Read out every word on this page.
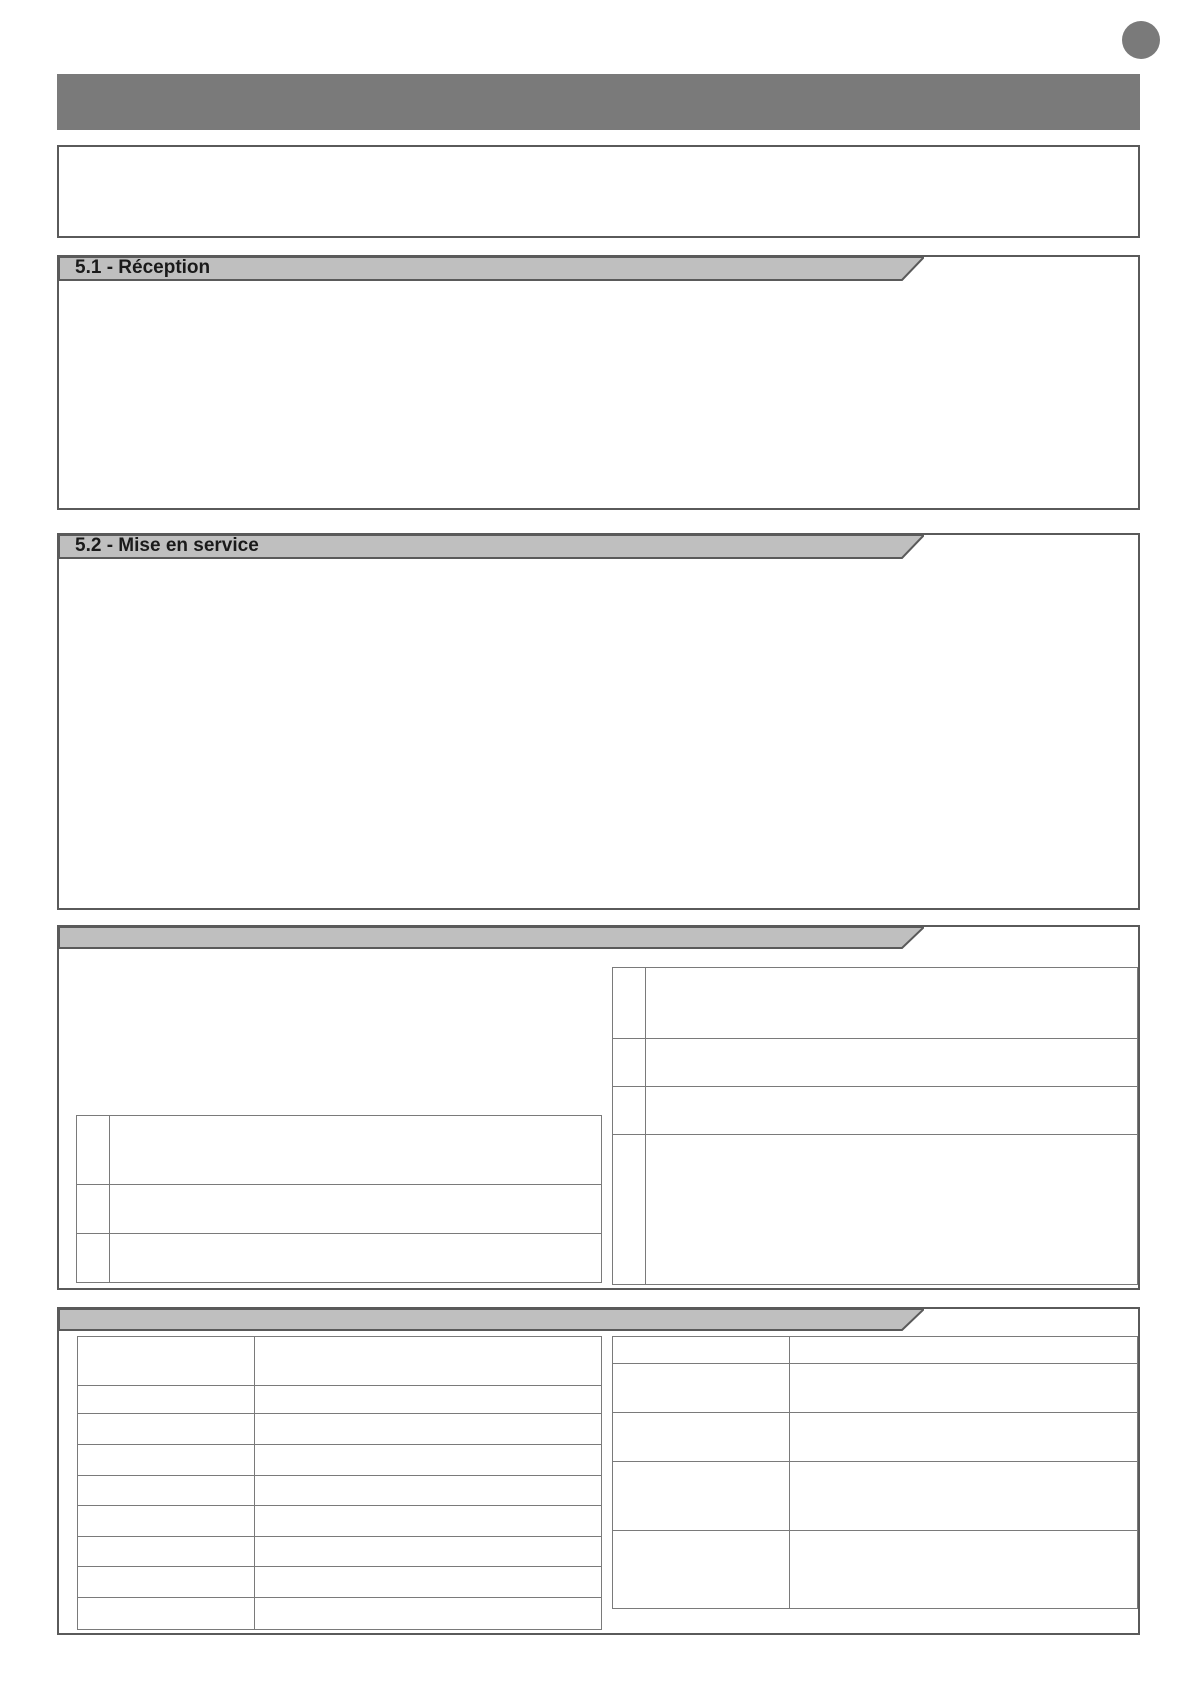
5.1 - Réception
5.2 - Mise en service
